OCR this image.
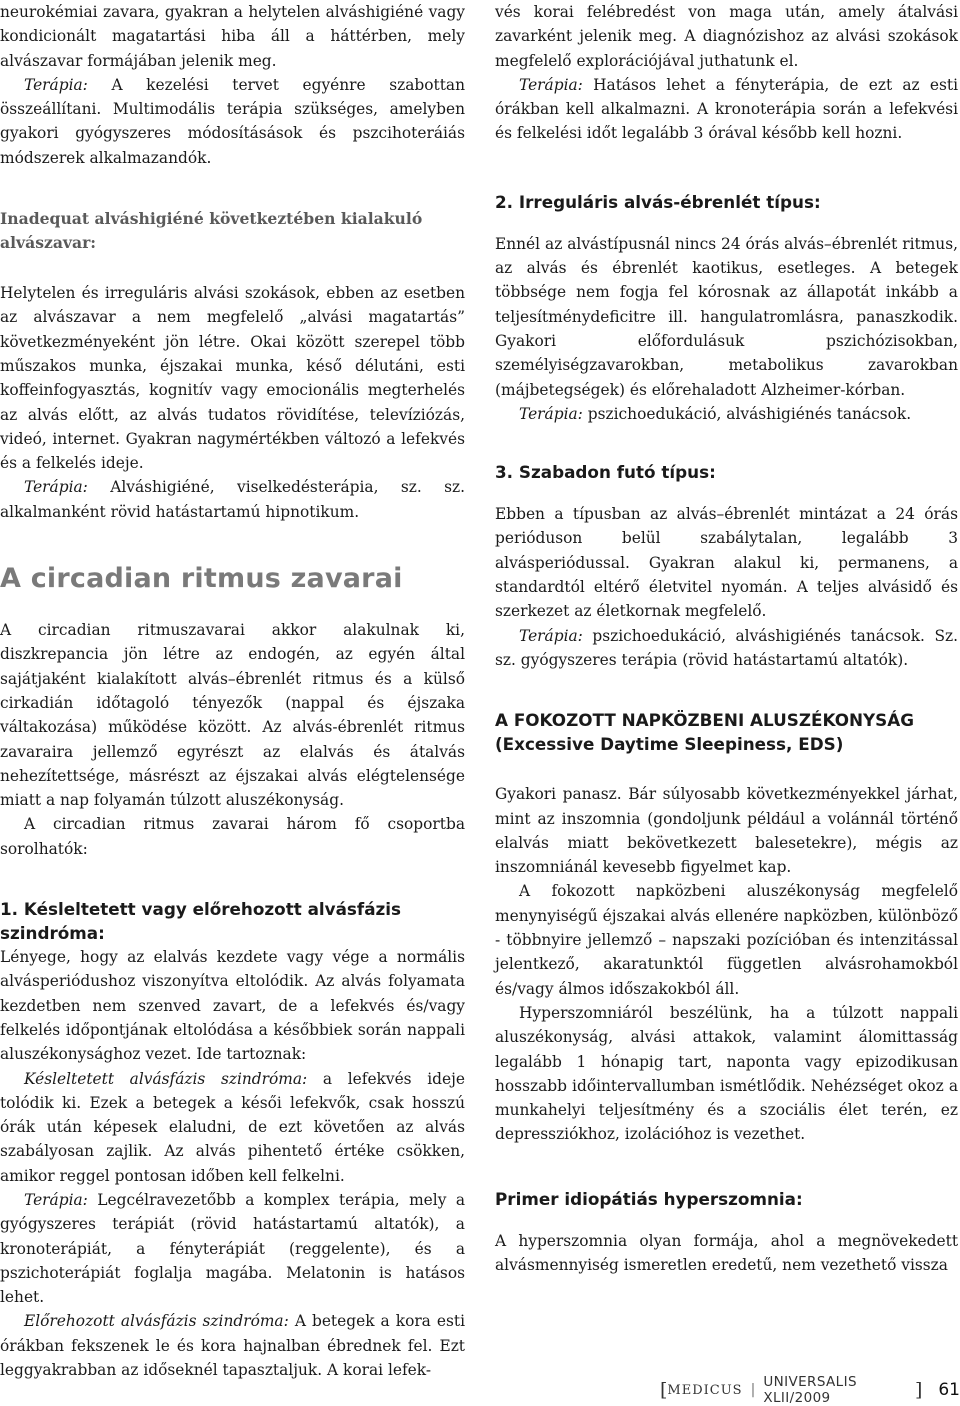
neurokémiai zavara, gyakran a helytelen alváshigiéné vagy kondicionált magatartási hiba áll a háttérben, mely alvászavar formájában jelenik meg.

Terápia: A kezelési tervet egyénre szabottan összeállítani. Multimodális terápia szükséges, amelyben gyakori gyógyszeres módosításások és pszcihoteráiás módszerek alkalmazandók.

Inadequat alváshigiéné következtében kialakuló alvászavar:

Helytelen és irreguláris alvási szokások, ebben az esetben az alvászavar a nem megfelelő „alvási magatartás” következményeként jön létre. Okai között szerepel több műszakos munka, éjszakai munka, késő délutáni, esti koffeinfogyasztás, kognitív vagy emocionális megterhelés az alvás előtt, az alvás tudatos rövidítése, televíziózás, videó, internet. Gyakran nagymértékben változó a lefekvés és a felkelés ideje.

Terápia: Alváshigiéné, viselkedésterápia, sz. sz. alkalmanként rövid hatástartamú hipnotikum.

A circadian ritmus zavarai

A circadian ritmuszavarai akkor alakulnak ki, diszkrepancia jön létre az endogén, az egyén által sajátjaként kialakított alvás–ébrenlét ritmus és a külső cirkadián időtagoló tényezők (nappal és éjszaka váltakozása) működése között. Az alvás-ébrenlét ritmus zavaraira jellemző egyrészt az elalvás és átalvás nehezítettsége, másrészt az éjszakai alvás elégtelensége miatt a nap folyamán túlzott aluszékonyság.

A circadian ritmus zavarai három fő csoportba sorolhatók:

1. Késleltetett vagy előrehozott alvásfázis szindróma:

Lényege, hogy az elalvás kezdete vagy vége a normális alvásperiódushoz viszonyítva eltolódik. Az alvás folyamata kezdetben nem szenved zavart, de a lefekvés és/vagy felkelés időpontjának eltolódása a későbbiek során nappali aluszékonysághoz vezet. Ide tartoznak:

Késleltetett alvásfázis szindróma: a lefekvés ideje tolódik ki. Ezek a betegek a késői lefekvők, csak hosszú órák után képesek elaludni, de ezt követően az alvás szabályosan zajlik. Az alvás pihentető értéke csökken, amikor reggel pontosan időben kell felkelni.

Terápia: Legcélravezetőbb a komplex terápia, mely a gyógyszeres terápiát (rövid hatástartamú altatók), a kronoterápiát, a fényterápiát (reggelente), és a pszichoterápiát foglalja magába. Melatonin is hatásos lehet.

Előrehozott alvásfázis szindróma: A betegek a kora esti órákban fekszenek le és kora hajnalban ébrednek fel. Ezt leggyakrabban az időseknél tapasztaljuk. A korai lefek-

vés korai felébredést von maga után, amely átalvási zavarként jelenik meg. A diagnózishoz az alvási szokások megfelelő explorációjával juthatunk el.

Terápia: Hatásos lehet a fényterápia, de ezt az esti órákban kell alkalmazni. A kronoterápia során a lefekvési és felkelési időt legalább 3 órával később kell hozni.

2. Irreguláris alvás-ébrenlét típus:

Ennél az alvástípusnál nincs 24 órás alvás–ébrenlét ritmus, az alvás és ébrenlét kaotikus, esetleges. A betegek többsége nem fogja fel kórosnak az állapotát inkább a teljesítménydeficitre ill. hangulatromlásra, panaszkodik. Gyakori előfordulásuk pszichózisokban, személyiségzavarokban, metabolikus zavarokban (májbetegségek) és előrehaladott Alzheimer-kórban.

Terápia: pszichoedukáció, alváshigiénés tanácsok.

3. Szabadon futó típus:

Ebben a típusban az alvás–ébrenlét mintázat a 24 órás perióduson belül szabálytalan, legalább 3 alvásperiódussal. Gyakran alakul ki, permanens, a standardtól eltérő életvitel nyomán. A teljes alvásidő és szerkezet az életkornak megfelelő.

Terápia: pszichoedukáció, alváshigiénés tanácsok. Sz. sz. gyógyszeres terápia (rövid hatástartamú altatók).

A FOKOZOTT NAPKÖZBENI ALUSZÉKONYSÁG

(Excessive Daytime Sleepiness, EDS)

Gyakori panasz. Bár súlyosabb következményekkel járhat, mint az inszomnia (gondoljunk például a volánnál történő elalvás miatt bekövetkezett balesetekre), mégis az inszomniánál kevesebb figyelmet kap.

A fokozott napközbeni aluszékonyság megfelelő menynyiségű éjszakai alvás ellenére napközben, különböző - többnyire jellemző – napszaki pozícióban és intenzitással jelentkező, akaratunktól független alvásrohamokból és/vagy álmos időszakokból áll.

Hyperszomniáról beszélünk, ha a túlzott nappali aluszékonyság, alvási attakok, valamint álomittasság legalább 1 hónapig tart, naponta vagy epizodikusan hosszabb időintervallumban ismétlődik. Nehézséget okoz a munkahelyi teljesítmény és a szociális élet terén, ez depressziókhoz, izolációhoz is vezethet.

Primer idiopátiás hyperszomnia:

A hyperszomnia olyan formája, ahol a megnövekedett alvásmennyiség ismeretlen eredetű, nem vezethető vissza

[ MEDICUS | UNIVERSALIS XLII/2009	] 61
